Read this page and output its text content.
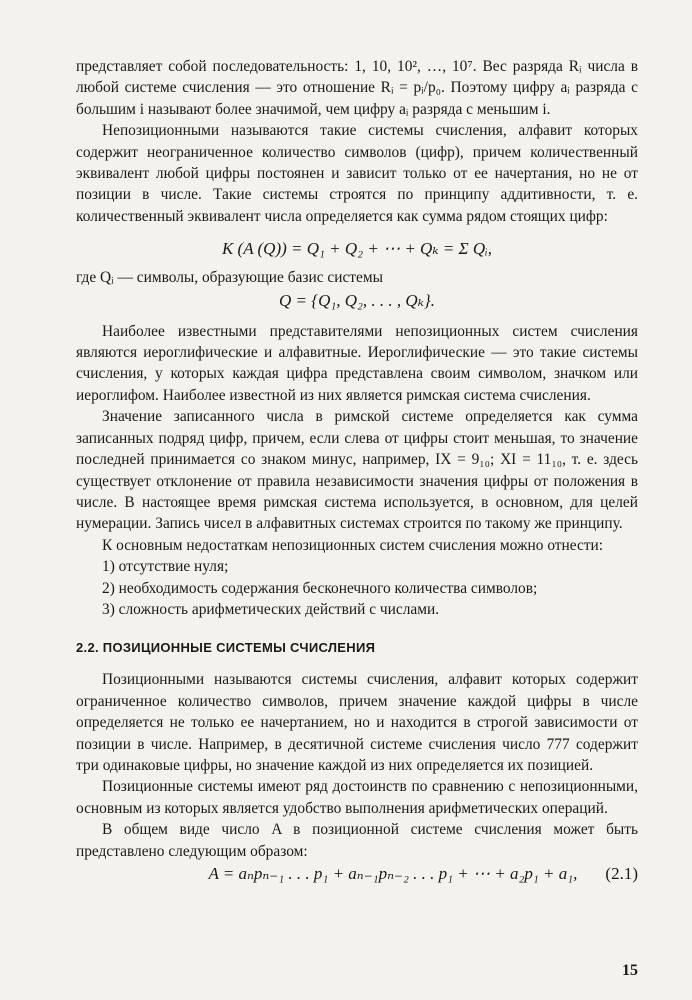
представляет собой последовательность: 1, 10, 10², …, 10⁷. Вес разряда Rᵢ числа в любой системе счисления — это отношение Rᵢ = pᵢ/p₀. Поэтому цифру aᵢ разряда с большим i называют более значимой, чем цифру aᵢ разряда с меньшим i.

Непозиционными называются такие системы счисления, алфавит которых содержит неограниченное количество символов (цифр), причем количественный эквивалент любой цифры постоянен и зависит только от ее начертания, но не от позиции в числе. Такие системы строятся по принципу аддитивности, т. е. количественный эквивалент числа определяется как сумма рядом стоящих цифр:

K (A (Q)) = Q₁ + Q₂ + ⋯ + Qₖ = Σ Qᵢ,

где Qᵢ — символы, образующие базис системы

Q = {Q₁, Q₂, . . . , Qₖ}.

Наиболее известными представителями непозиционных систем счисления являются иероглифические и алфавитные. Иероглифические — это такие системы счисления, у которых каждая цифра представлена своим символом, значком или иероглифом. Наиболее известной из них является римская система счисления.

Значение записанного числа в римской системе определяется как сумма записанных подряд цифр, причем, если слева от цифры стоит меньшая, то значение последней принимается со знаком минус, например, IX = 9₁₀; XI = 11₁₀, т. е. здесь существует отклонение от правила независимости значения цифры от положения в числе. В настоящее время римская система используется, в основном, для целей нумерации. Запись чисел в алфавитных системах строится по такому же принципу.

К основным недостаткам непозиционных систем счисления можно отнести:

1) отсутствие нуля;
2) необходимость содержания бесконечного количества символов;
3) сложность арифметических действий с числами.

2.2. ПОЗИЦИОННЫЕ СИСТЕМЫ СЧИСЛЕНИЯ

Позиционными называются системы счисления, алфавит которых содержит ограниченное количество символов, причем значение каждой цифры в числе определяется не только ее начертанием, но и находится в строгой зависимости от позиции в числе. Например, в десятичной системе счисления число 777 содержит три одинаковые цифры, но значение каждой из них определяется их позицией.

Позиционные системы имеют ряд достоинств по сравнению с непозиционными, основным из которых является удобство выполнения арифметических операций.

В общем виде число A в позиционной системе счисления может быть представлено следующим образом:

A = aₙpₙ₋₁ . . . p₁ + aₙ₋₁pₙ₋₂ . . . p₁ + ⋯ + a₂p₁ + a₁, (2.1)
15
